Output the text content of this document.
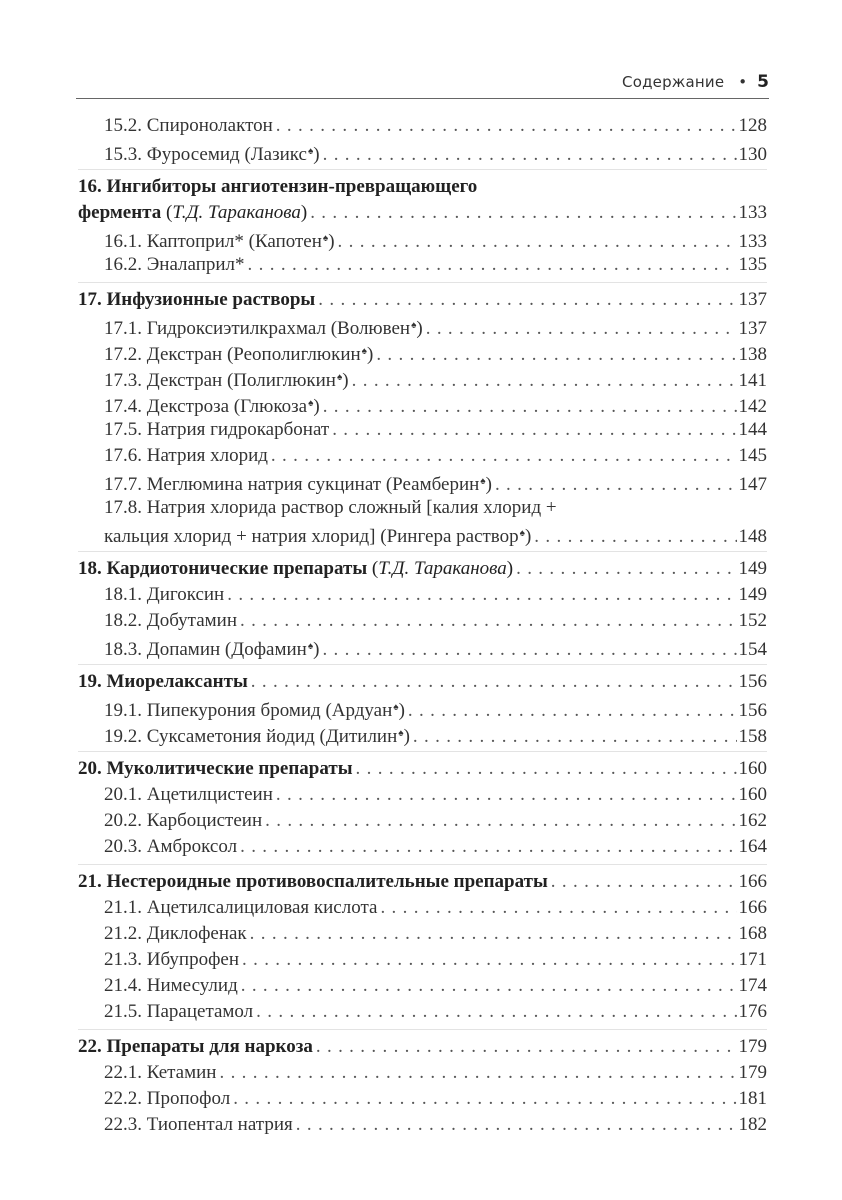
Содержание • 5
15.2. Спиронолактон . . .	128
15.3. Фуросемид (Лазикс♠) . . .	130
16. Ингибиторы ангиотензин-превращающего
фермента (Т.Д. Тараканова) . . .	133
16.1. Каптоприл* (Капотен♠) . . .	133
16.2. Эналаприл* . . .	135
17. Инфузионные растворы . . .	137
17.1. Гидроксиэтилкрахмал (Волювен♠) . . .	137
17.2. Декстран (Реополиглюкин♠) . . .	138
17.3. Декстран (Полиглюкин♠) . . .	141
17.4. Декстроза (Глюкоза♠) . . .	142
17.5. Натрия гидрокарбонат . . .	144
17.6. Натрия хлорид . . .	145
17.7. Меглюмина натрия сукцинат (Реамберин♠) . . .	147
17.8. Натрия хлорида раствор сложный [калия хлорид +
кальция хлорид + натрия хлорид] (Рингера раствор♠) . . .	148
18. Кардиотонические препараты (Т.Д. Тараканова) . . .	149
18.1. Дигоксин . . .	149
18.2. Добутамин . . .	152
18.3. Допамин (Дофамин♠) . . .	154
19. Миорелаксанты . . .	156
19.1. Пипекурония бромид (Ардуан♠) . . .	156
19.2. Суксаметония йодид (Дитилин♠) . . .	158
20. Муколитические препараты . . .	160
20.1. Ацетилцистеин . . .	160
20.2. Карбоцистеин . . .	162
20.3. Амброксол . . .	164
21. Нестероидные противовоспалительные препараты . . .	166
21.1. Ацетилсалициловая кислота . . .	166
21.2. Диклофенак . . .	168
21.3. Ибупрофен . . .	171
21.4. Нимесулид . . .	174
21.5. Парацетамол . . .	176
22. Препараты для наркоза . . .	179
22.1. Кетамин . . .	179
22.2. Пропофол . . .	181
22.3. Тиопентал натрия . . .	182
